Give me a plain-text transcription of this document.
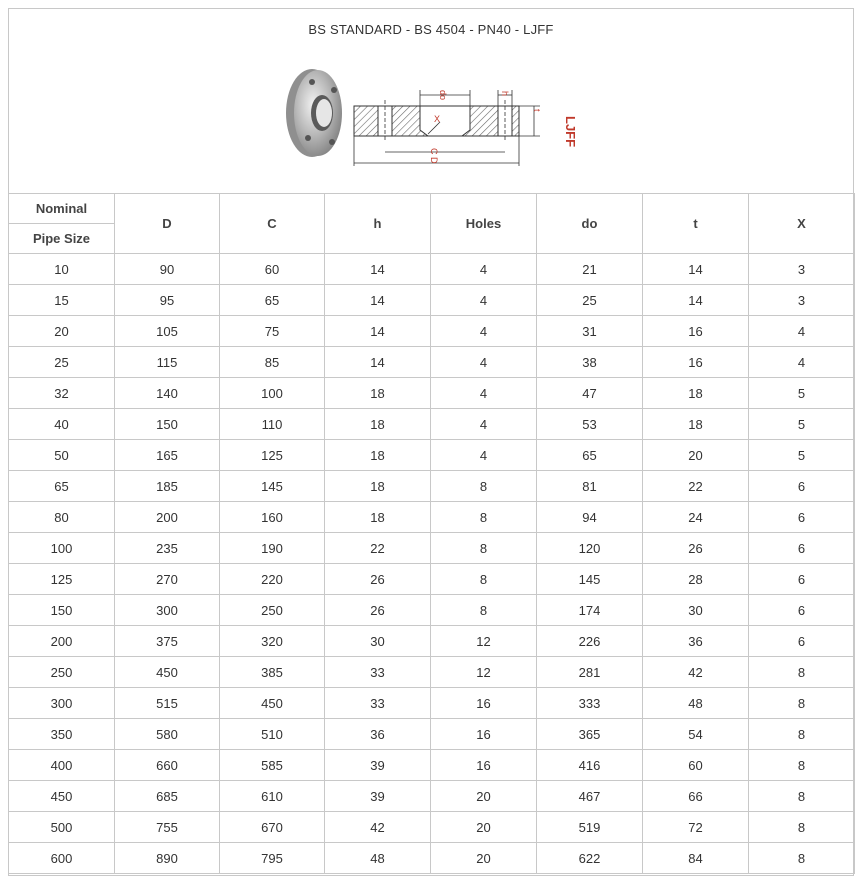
BS STANDARD - BS 4504 - PN40 - LJFF
do	h
X
t
C D
LJFF
Nominal	D	C	h	Holes	do	t	X
Pipe Size							
10	90	60	14	4	21	14	3
15	95	65	14	4	25	14	3
20	105	75	14	4	31	16	4
25	115	85	14	4	38	16	4
32	140	100	18	4	47	18	5
40	150	110	18	4	53	18	5
50	165	125	18	4	65	20	5
65	185	145	18	8	81	22	6
80	200	160	18	8	94	24	6
100	235	190	22	8	120	26	6
125	270	220	26	8	145	28	6
150	300	250	26	8	174	30	6
200	375	320	30	12	226	36	6
250	450	385	33	12	281	42	8
300	515	450	33	16	333	48	8
350	580	510	36	16	365	54	8
400	660	585	39	16	416	60	8
450	685	610	39	20	467	66	8
500	755	670	42	20	519	72	8
600	890	795	48	20	622	84	8
